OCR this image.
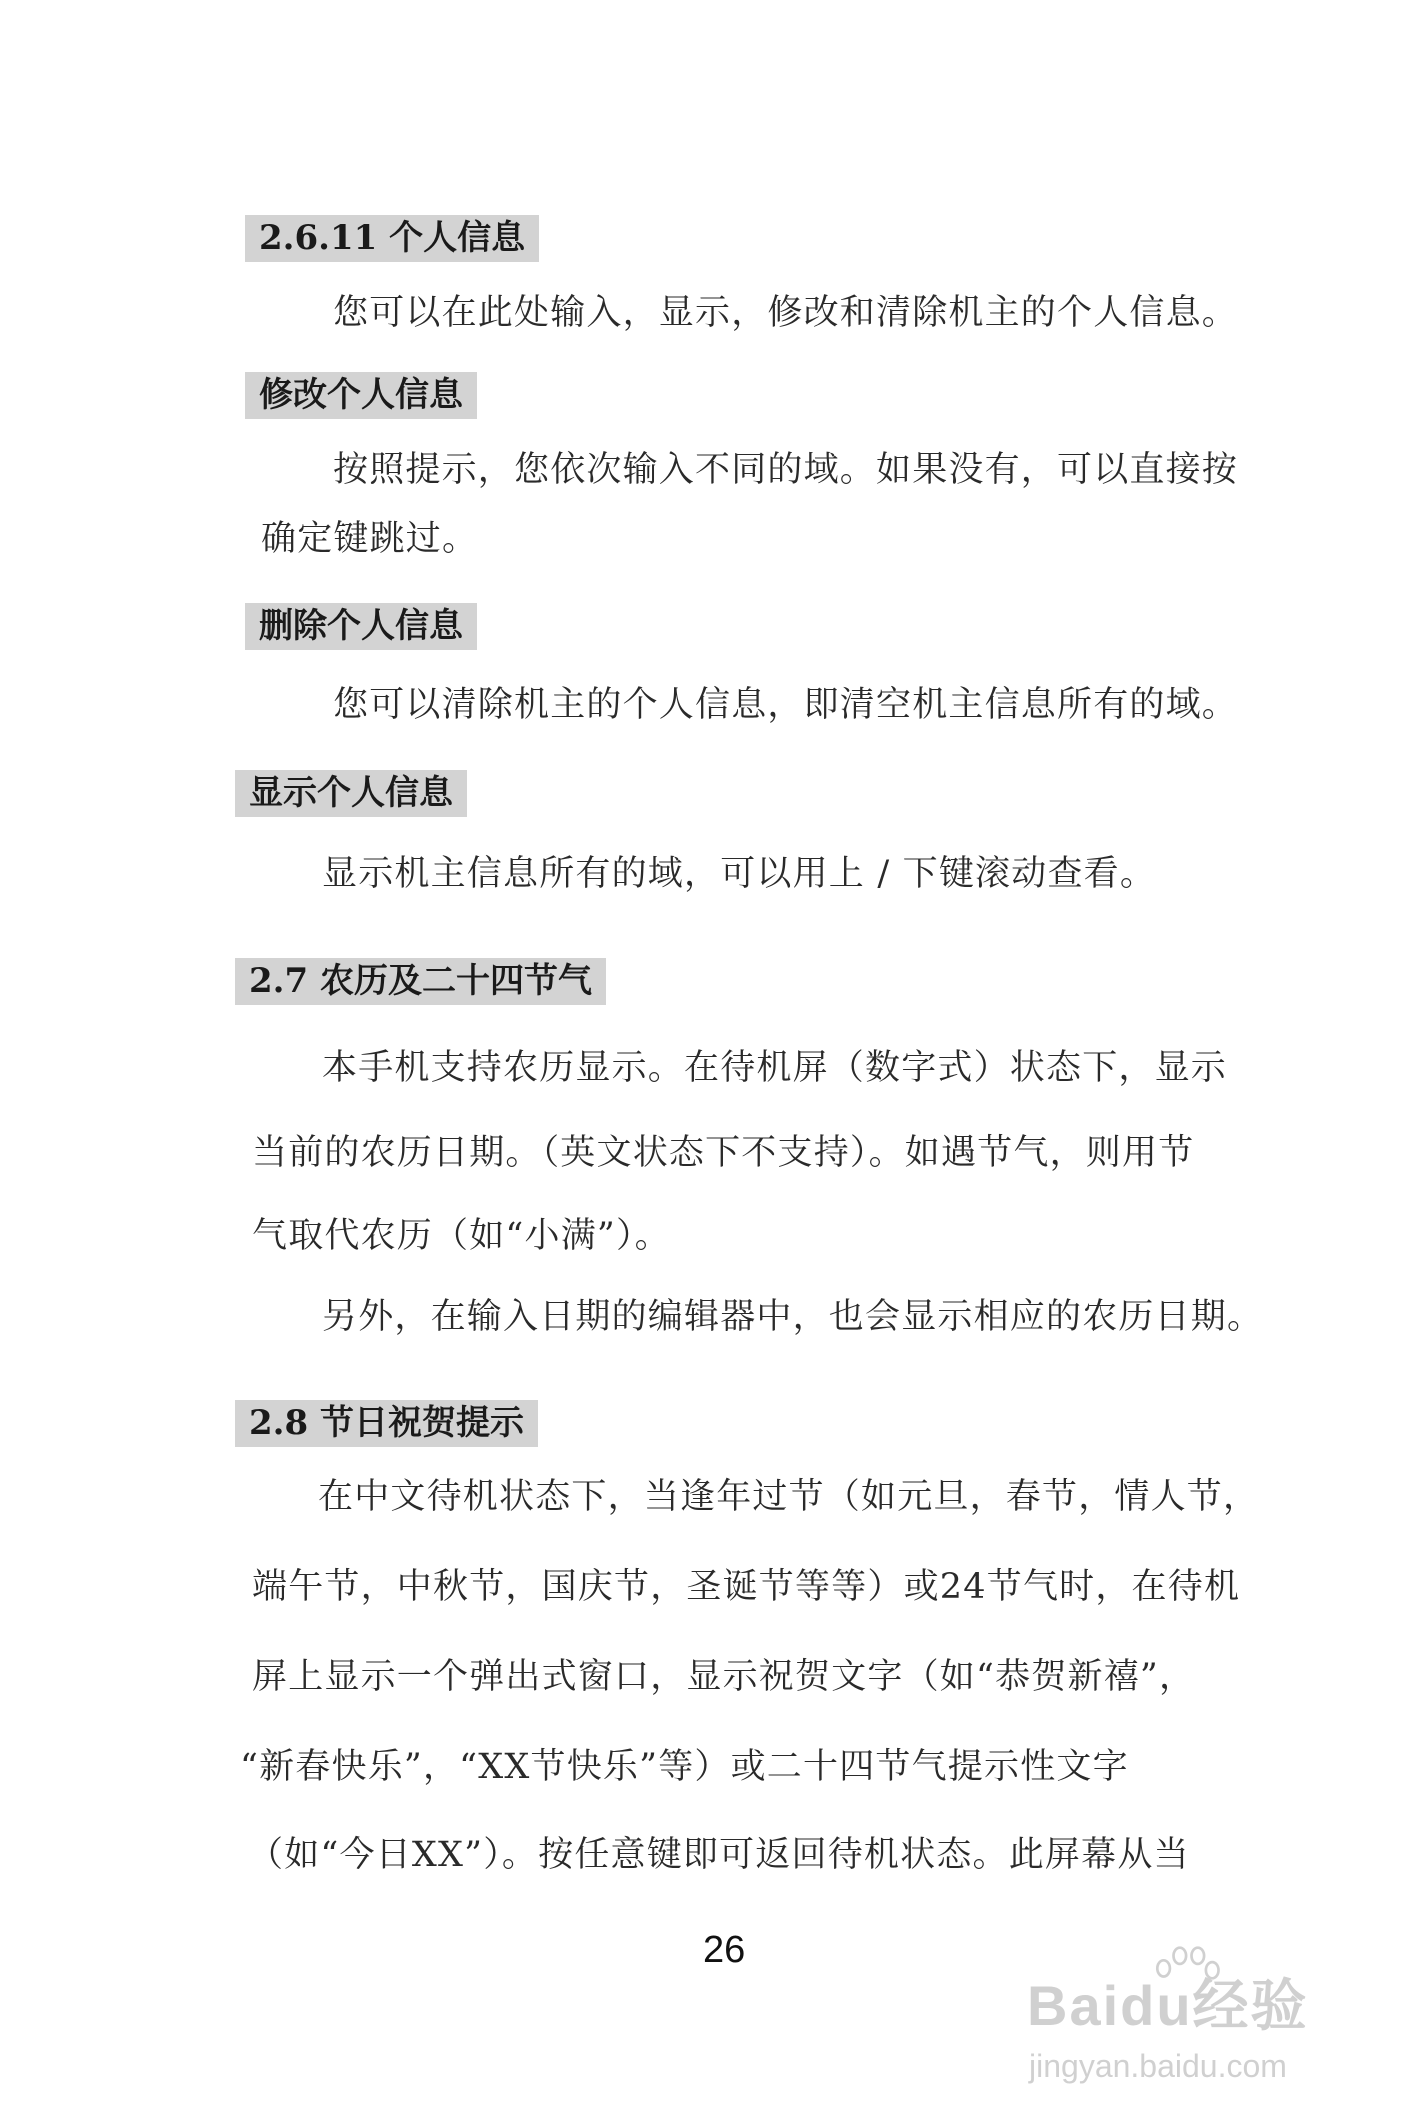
2.6.11 个人信息
您可以在此处输入，显示，修改和清除机主的个人信息。
修改个人信息
按照提示，您依次输入不同的域。如果没有，可以直接按
确定键跳过。
删除个人信息
您可以清除机主的个人信息，即清空机主信息所有的域。
显示个人信息
显示机主信息所有的域，可以用上 / 下键滚动查看。
2.7 农历及二十四节气
本手机支持农历显示。在待机屏（数字式）状态下，显示
当前的农历日期。（英文状态下不支持）。如遇节气，则用节
气取代农历（如“小满”）。
另外，在输入日期的编辑器中，也会显示相应的农历日期。
2.8 节日祝贺提示
在中文待机状态下，当逢年过节（如元旦，春节，情人节，
端午节，中秋节，国庆节，圣诞节等等）或24节气时，在待机
屏上显示一个弹出式窗口，显示祝贺文字（如“恭贺新禧”，
“新春快乐”，“XX节快乐”等）或二十四节气提示性文字
（如“今日XX”）。按任意键即可返回待机状态。此屏幕从当
26
Baidu经验
jingyan.baidu.com
